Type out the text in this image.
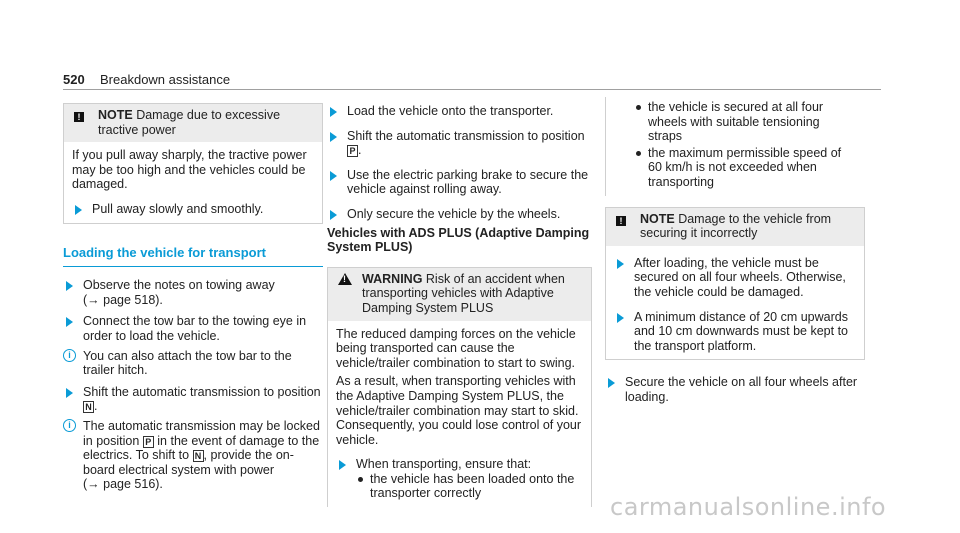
520 Breakdown assistance
! NOTE Damage due to excessive tractive power

If you pull away sharply, the tractive power may be too high and the vehicles could be damaged.

Pull away slowly and smoothly.
Loading the vehicle for transport
Observe the notes on towing away
(→ page 518).
Connect the tow bar to the towing eye in order to load the vehicle.
i You can also attach the tow bar to the trailer hitch.
Shift the automatic transmission to position
N .
i The automatic transmission may be locked in position P in the event of damage to the electrics. To shift to N , provide the on-board electrical system with power
(→ page 516).
Load the vehicle onto the transporter.
Shift the automatic transmission to position
P .
Use the electric parking brake to secure the vehicle against rolling away.
Only secure the vehicle by the wheels.
Vehicles with ADS PLUS (Adaptive Damping System PLUS)
! WARNING Risk of an accident when transporting vehicles with Adaptive Damping System PLUS

The reduced damping forces on the vehicle being transported can cause the vehicle/trailer combination to start to swing.

As a result, when transporting vehicles with the Adaptive Damping System PLUS, the vehicle/trailer combination may start to skid. Consequently, you could lose control of your vehicle.

When transporting, ensure that:
the vehicle has been loaded onto the transporter correctly
the vehicle is secured at all four wheels with suitable tensioning straps
the maximum permissible speed of 60 km/h is not exceeded when transporting
! NOTE Damage to the vehicle from securing it incorrectly
After loading, the vehicle must be secured on all four wheels. Otherwise, the vehicle could be damaged.
A minimum distance of 20 cm upwards and 10 cm downwards must be kept to the transport platform.
Secure the vehicle on all four wheels after loading.
carmanualsonline.info
